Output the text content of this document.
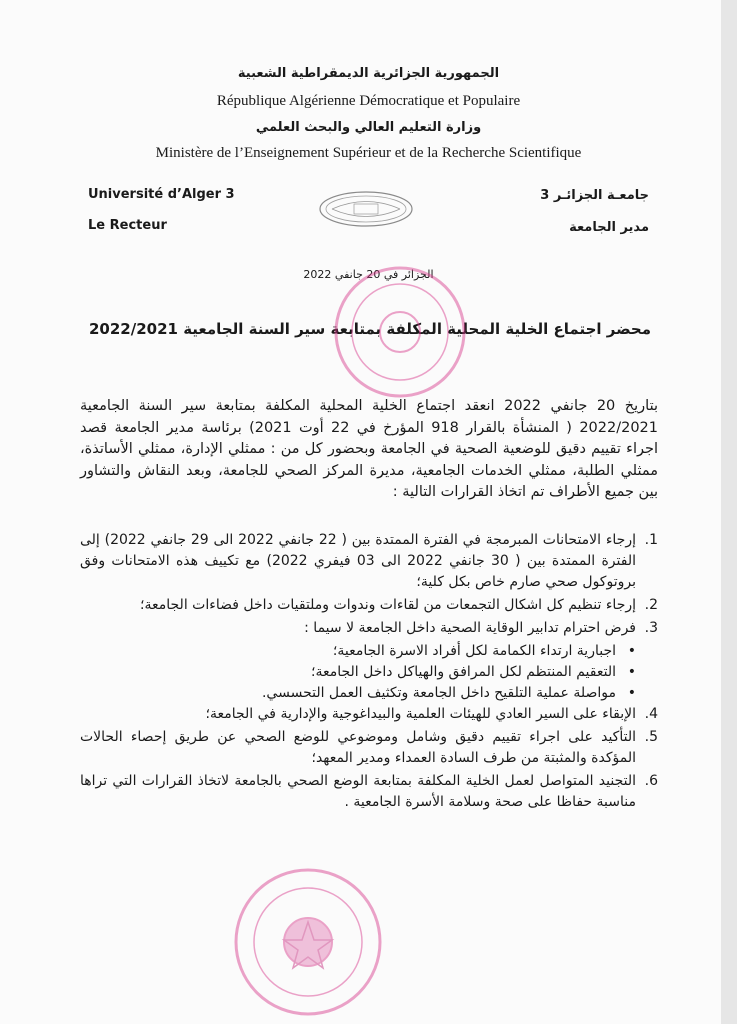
الجمهورية الجزائرية الديمقراطية الشعبية
République Algérienne Démocratique et Populaire
وزارة التعليم العالي والبحث العلمي
Ministère de l’Enseignement Supérieur et de la Recherche Scientifique
Université d’Alger 3
Le Recteur
جامعـة الجزائـر 3
مدير الجامعة
الجزائر في 20 جانفي 2022
محضر اجتماع الخلية المحلية المكلفة بمتابعة سير السنة الجامعية 2022/2021
بتاريخ 20 جانفي 2022 انعقد اجتماع الخلية المحلية المكلفة بمتابعة سير السنة الجامعية 2022/2021 ( المنشأة بالقرار 918 المؤرخ في 22 أوت 2021) برئاسة مدير الجامعة قصد اجراء تقييم دقيق للوضعية الصحية في الجامعة وبحضور كل من : ممثلي الإدارة، ممثلي الأساتذة، ممثلي الطلبة، ممثلي الخدمات الجامعية، مديرة المركز الصحي للجامعة، وبعد النقاش والتشاور بين جميع الأطراف تم اتخاذ القرارات التالية :
1.
إرجاء الامتحانات المبرمجة في الفترة الممتدة بين ( 22 جانفي 2022 الى 29 جانفي 2022) إلى الفترة الممتدة بين ( 30 جانفي 2022 الى 03 فيفري 2022) مع تكييف هذه الامتحانات وفق بروتوكول صحي صارم خاص بكل كلية؛
2.
إرجاء تنظيم كل اشكال التجمعات من لقاءات وندوات وملتقيات داخل فضاءات الجامعة؛
3.
فرض احترام تدابير الوقاية الصحية داخل الجامعة لا سيما :
•
اجبارية ارتداء الكمامة لكل أفراد الاسرة الجامعية؛
•
التعقيم المنتظم لكل المرافق والهياكل داخل الجامعة؛
•
مواصلة عملية التلقيح داخل الجامعة وتكثيف العمل التحسسي.
4.
الإبقاء على السير العادي للهيئات العلمية والبيداغوجية والإدارية في الجامعة؛
5.
التأكيد على اجراء تقييم دقيق وشامل وموضوعي للوضع الصحي عن طريق إحصاء الحالات المؤكدة والمثبتة من طرف السادة العمداء ومدير المعهد؛
6.
التجنيد المتواصل لعمل الخلية المكلفة بمتابعة الوضع الصحي بالجامعة لاتخاذ القرارات التي تراها مناسبة حفاظا على صحة وسلامة الأسرة الجامعية .
